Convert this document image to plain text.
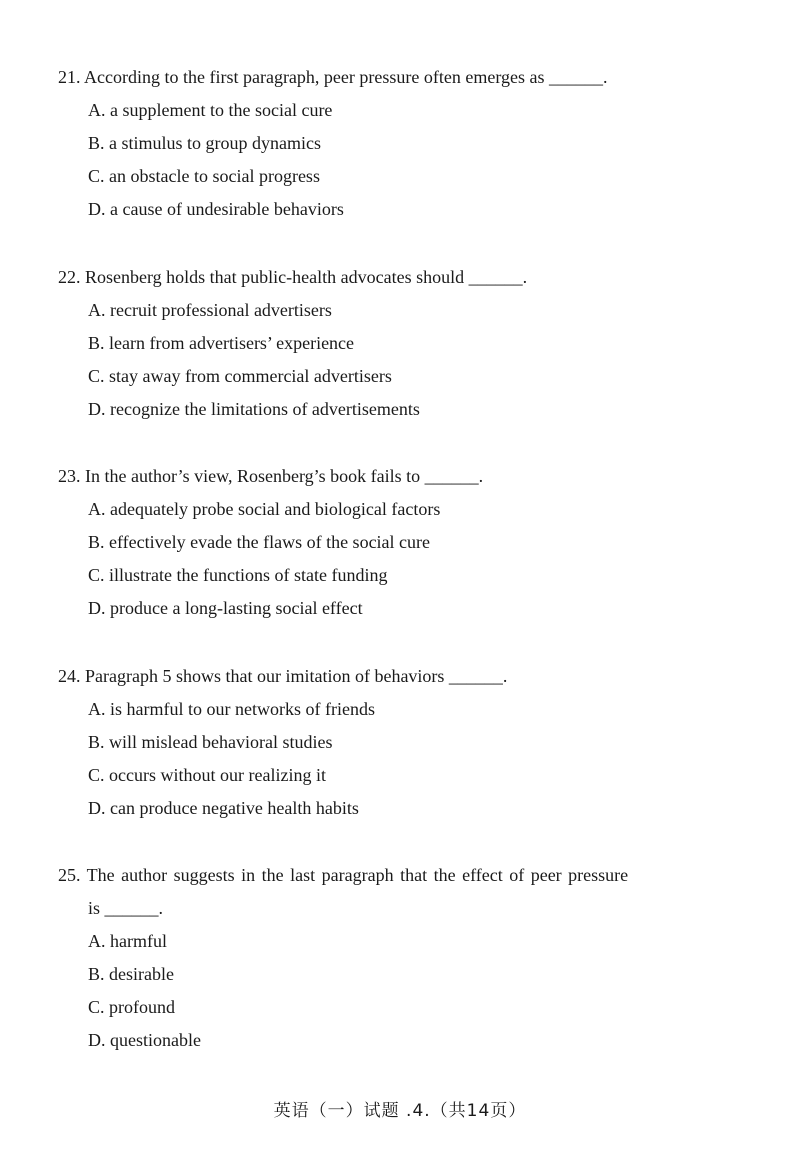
21. According to the first paragraph, peer pressure often emerges as ______.
A. a supplement to the social cure
B. a stimulus to group dynamics
C. an obstacle to social progress
D. a cause of undesirable behaviors
22. Rosenberg holds that public-health advocates should ______.
A. recruit professional advertisers
B. learn from advertisers’ experience
C. stay away from commercial advertisers
D. recognize the limitations of advertisements
23. In the author’s view, Rosenberg’s book fails to ______.
A. adequately probe social and biological factors
B. effectively evade the flaws of the social cure
C. illustrate the functions of state funding
D. produce a long-lasting social effect
24. Paragraph 5 shows that our imitation of behaviors ______.
A. is harmful to our networks of friends
B. will mislead behavioral studies
C. occurs without our realizing it
D. can produce negative health habits
25. The author suggests in the last paragraph that the effect of peer pressure
is ______.
A. harmful
B. desirable
C. profound
D. questionable
英语（一）试题 .4.（共14页）
